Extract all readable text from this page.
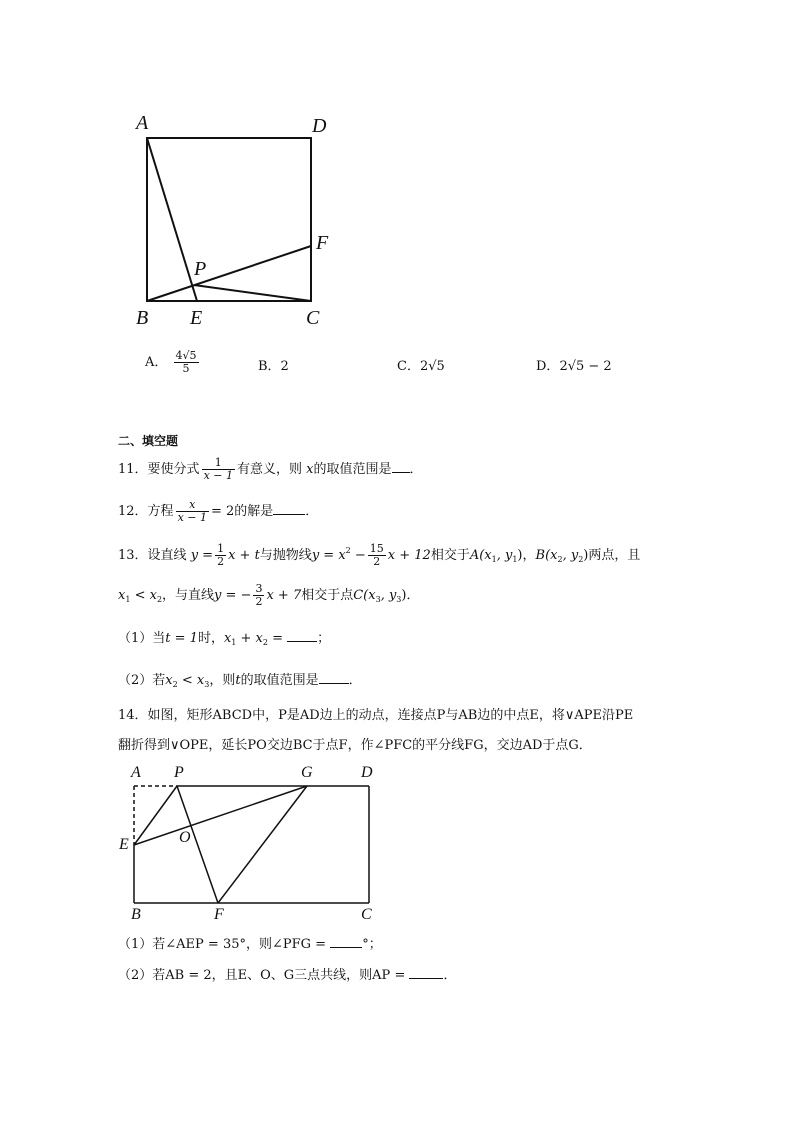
A	D
F
P
B E	C
A． $\frac{4√5}{5}$	B．2	C．2√5	D．2√5 − 2
二、填空题
11．要使分式 $\frac{1}{x - 1}$ 有意义，则 x的取值范围是 ．
12．方程 $\frac{x}{x - 1} = 2$的解是 ．
13．设直线 $y = \frac{1}{2}$ x + t与抛物线$y = x^2 - \frac{15}{2}$ x + 12相交于$A(x_1$, $y_1$)，$B(x_2$, $y_2$)两点，且
$x_1 < x_2$，与直线y = − $\frac{3}{2}$ x + 7相交于点$C(x_3$, $y_3$)．
（1）当t = 1时，$x_1 + x_2$ =	；
（2）若$x_2 < x_3$，则t的取值范围是 ．
14．如图，矩形ABCD中，P是AD边上的动点，连接点P与AB边的中点E，将∨APE沿PE
翻折得到∨OPE，延长PO交边BC于点F，作∠PFC的平分线FG，交边AD于点G．
A P	G	D
E	O
B	F	C
（1）若∠AEP = 35°，则∠PFG =	°；
（2）若AB = 2，且E、O、G三点共线，则AP =	．
